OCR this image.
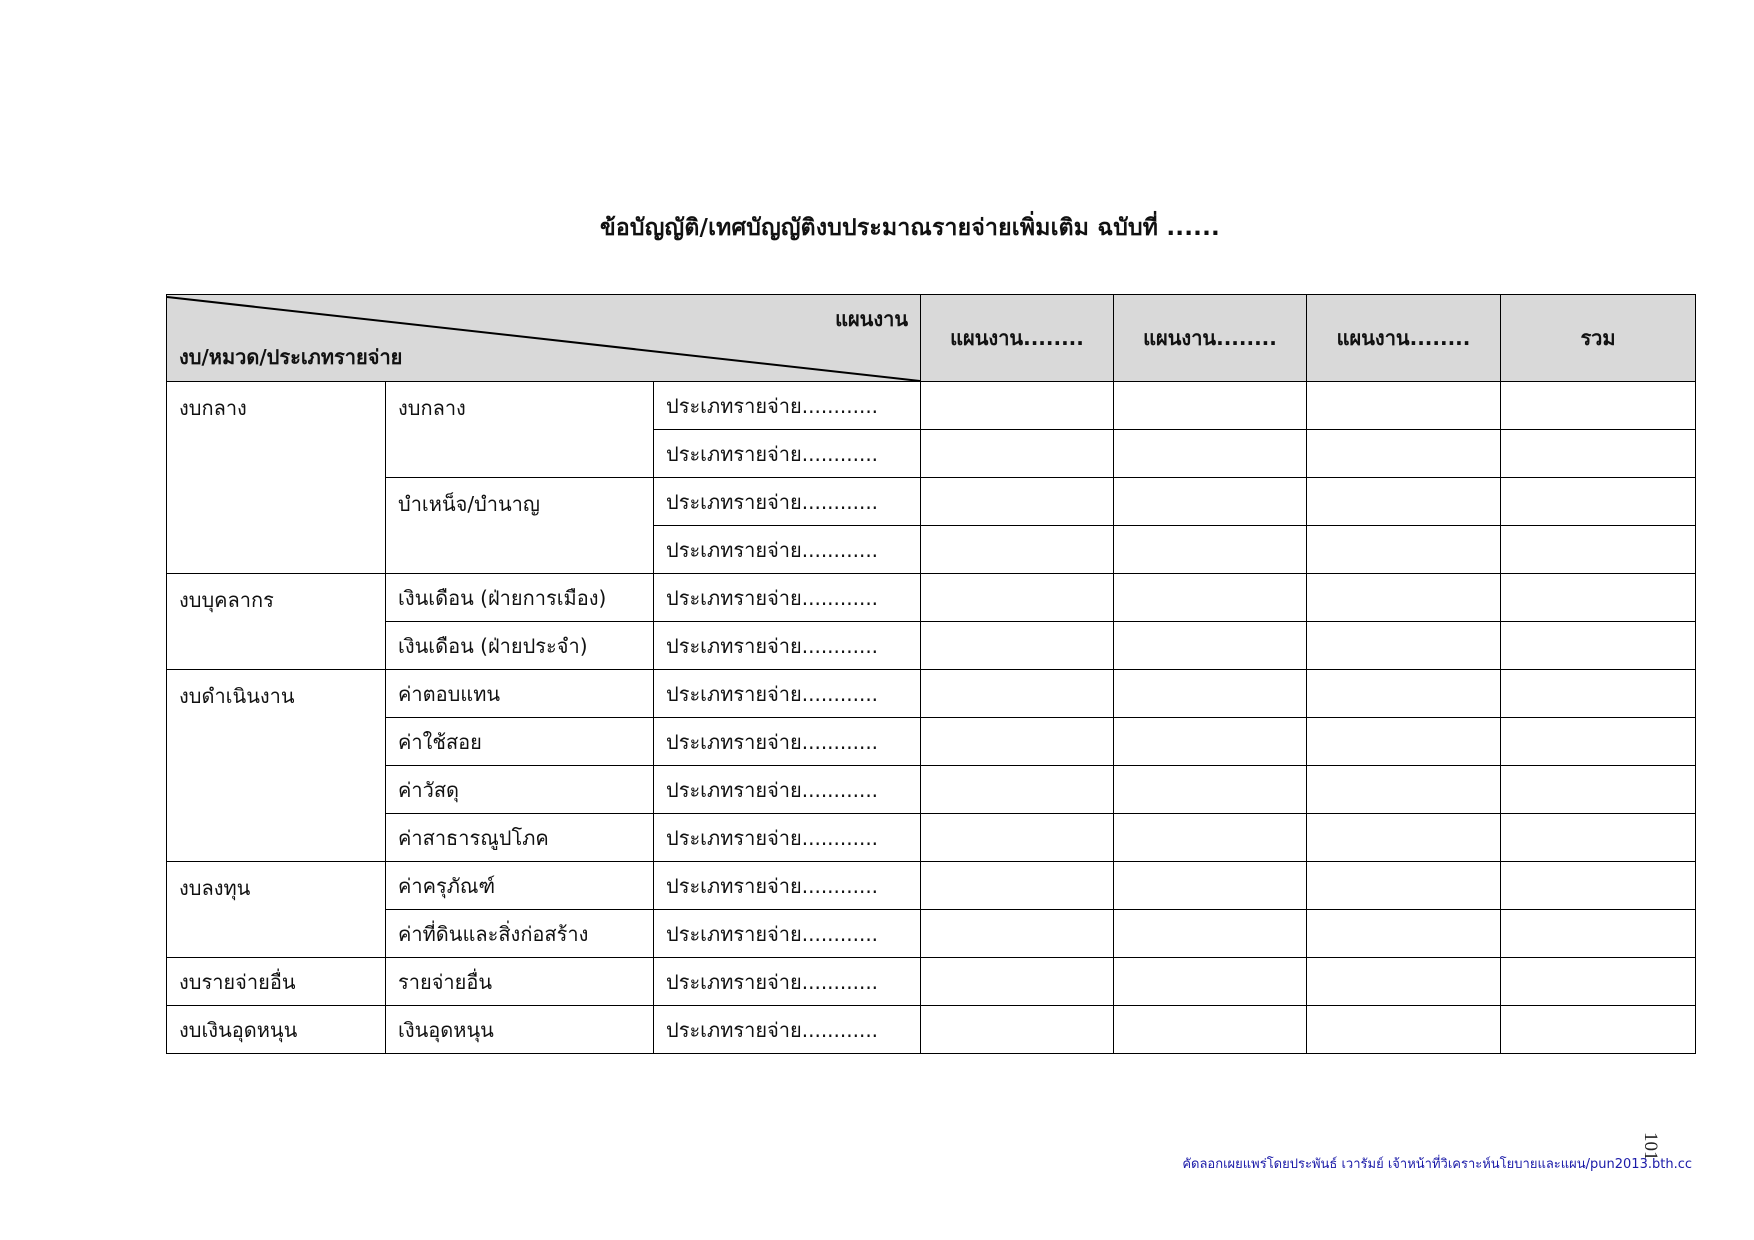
ข้อบัญญัติ/เทศบัญญัติงบประมาณรายจ่ายเพิ่มเติม ฉบับที่ ......
แผนงาน
งบ/หมวด/ประเภทรายจ่าย			แผนงาน........	แผนงาน........	แผนงาน........	รวม
งบกลาง	งบกลาง	ประเภทรายจ่าย............				
		ประเภทรายจ่าย............				
	บำเหน็จ/บำนาญ	ประเภทรายจ่าย............				
		ประเภทรายจ่าย............				
งบบุคลากร	เงินเดือน (ฝ่ายการเมือง)	ประเภทรายจ่าย............				
	เงินเดือน (ฝ่ายประจำ)	ประเภทรายจ่าย............				
งบดำเนินงาน	ค่าตอบแทน	ประเภทรายจ่าย............				
	ค่าใช้สอย	ประเภทรายจ่าย............				
	ค่าวัสดุ	ประเภทรายจ่าย............				
	ค่าสาธารณูปโภค	ประเภทรายจ่าย............				
งบลงทุน	ค่าครุภัณฑ์	ประเภทรายจ่าย............				
	ค่าที่ดินและสิ่งก่อสร้าง	ประเภทรายจ่าย............				
งบรายจ่ายอื่น	รายจ่ายอื่น	ประเภทรายจ่าย............				
งบเงินอุดหนุน	เงินอุดหนุน	ประเภทรายจ่าย............				
101
คัดลอกเผยแพร่โดยประพันธ์ เวารัมย์ เจ้าหน้าที่วิเคราะห์นโยบายและแผน/pun2013.bth.cc
